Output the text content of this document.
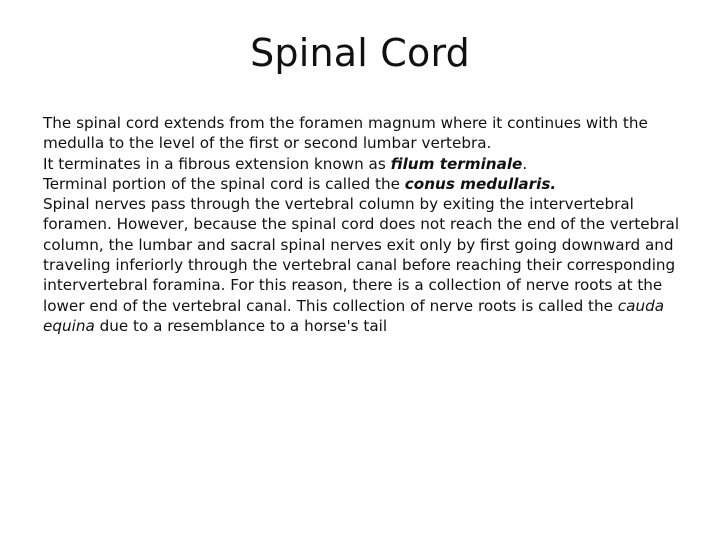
Spinal Cord

The spinal cord extends from the foramen magnum where it continues with the medulla to the level of the first or second lumbar vertebra.

It terminates in a fibrous extension known as filum terminale.

Terminal portion of the spinal cord is called the conus medullaris.

Spinal nerves pass through the vertebral column by exiting the intervertebral foramen. However, because the spinal cord does not reach the end of the vertebral column, the lumbar and sacral spinal nerves exit only by first going downward and traveling inferiorly through the vertebral canal before reaching their corresponding intervertebral foramina. For this reason, there is a collection of nerve roots at the lower end of the vertebral canal. This collection of nerve roots is called the cauda equina due to a resemblance to a horse's tail
